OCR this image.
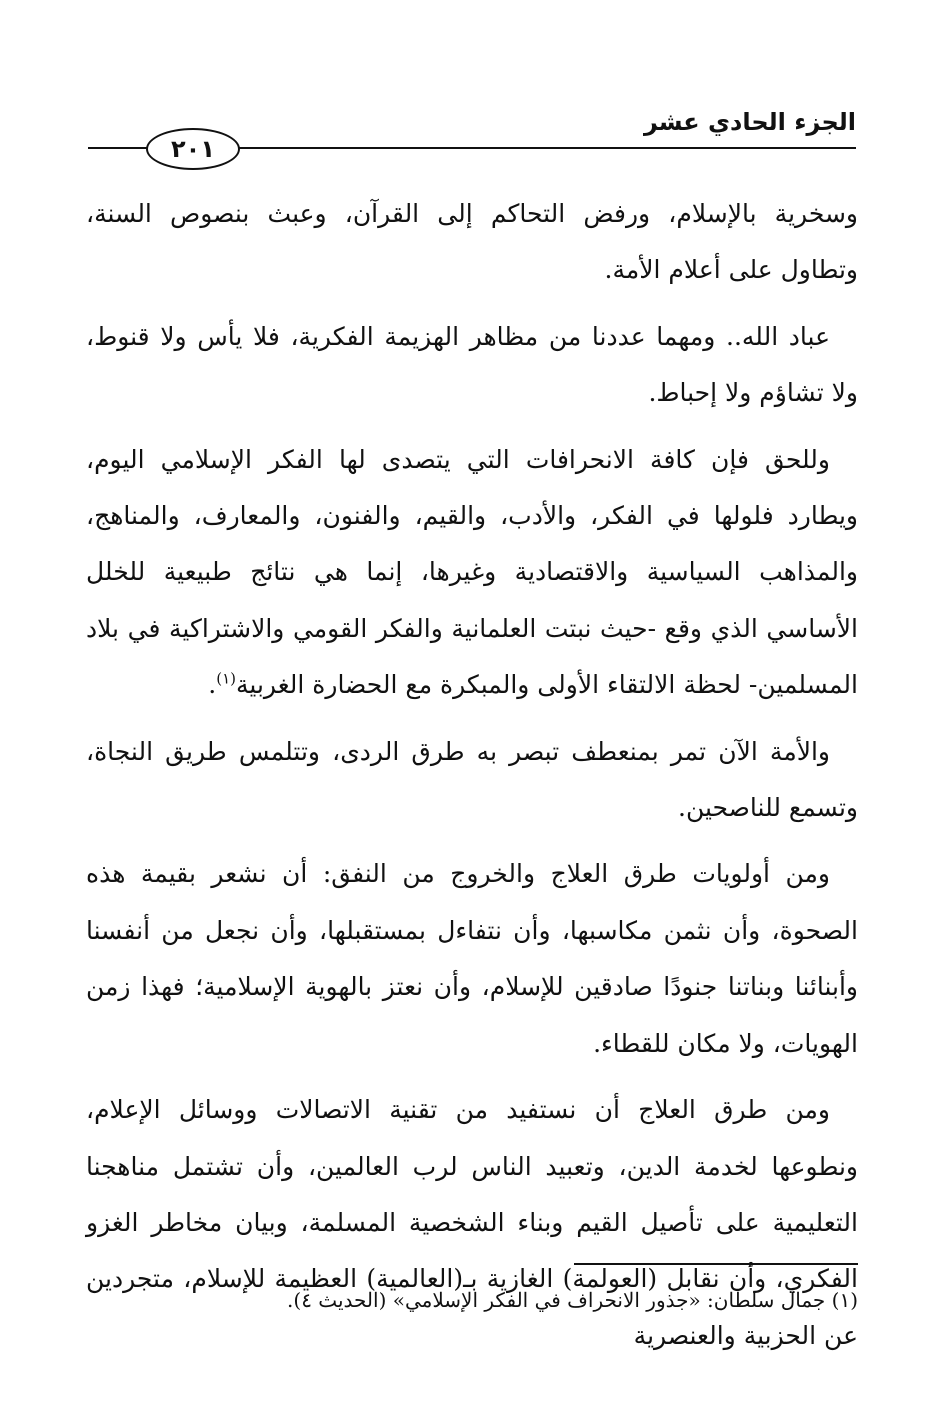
الجزء الحادي عشر
٢٠١

وسخرية بالإسلام، ورفض التحاكم إلى القرآن، وعبث بنصوص السنة، وتطاول على أعلام الأمة.

عباد الله.. ومهما عددنا من مظاهر الهزيمة الفكرية، فلا يأس ولا قنوط، ولا تشاؤم ولا إحباط.

وللحق فإن كافة الانحرافات التي يتصدى لها الفكر الإسلامي اليوم، ويطارد فلولها في الفكر، والأدب، والقيم، والفنون، والمعارف، والمناهج، والمذاهب السياسية والاقتصادية وغيرها، إنما هي نتائج طبيعية للخلل الأساسي الذي وقع -حيث نبتت العلمانية والفكر القومي والاشتراكية في بلاد المسلمين- لحظة الالتقاء الأولى والمبكرة مع الحضارة الغربية$^{(١)}$.

والأمة الآن تمر بمنعطف تبصر به طرق الردى، وتتلمس طريق النجاة، وتسمع للناصحين.

ومن أولويات طرق العلاج والخروج من النفق: أن نشعر بقيمة هذه الصحوة، وأن نثمن مكاسبها، وأن نتفاءل بمستقبلها، وأن نجعل من أنفسنا وأبنائنا وبناتنا جنودًا صادقين للإسلام، وأن نعتز بالهوية الإسلامية؛ فهذا زمن الهويات، ولا مكان للقطاء.

ومن طرق العلاج أن نستفيد من تقنية الاتصالات ووسائل الإعلام، ونطوعها لخدمة الدين، وتعبيد الناس لرب العالمين، وأن تشتمل مناهجنا التعليمية على تأصيل القيم وبناء الشخصية المسلمة، وبيان مخاطر الغزو الفكري، وأن نقابل (العولمة) الغازية بـ(العالمية) العظيمة للإسلام، متجردين عن الحزبية والعنصرية

(١) جمال سلطان: «جذور الانحراف في الفكر الإسلامي» (الحديث ٤).
